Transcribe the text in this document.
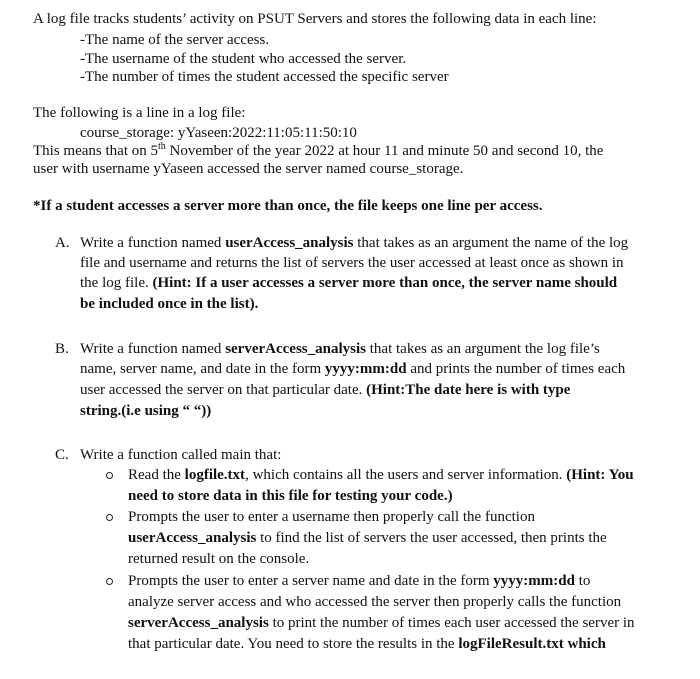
A log file tracks students’ activity on PSUT Servers and stores the following data in each line:

-The name of the server access.

-The username of the student who accessed the server.

-The number of times the student accessed the specific server

The following is a line in a log file:

course_storage: yYaseen:2022:11:05:11:50:10

This means that on 5th November of the year 2022 at hour 11 and minute 50 and second 10, the

user with username yYaseen accessed the server named course_storage.

*If a student accesses a server more than once, the file keeps one line per access.

A. Write a function named userAccess_analysis that takes as an argument the name of the log

file and username and returns the list of servers the user accessed at least once as shown in

the log file. (Hint: If a user accesses a server more than once, the server name should

be included once in the list).

B. Write a function named serverAccess_analysis that takes as an argument the log file’s

name, server name, and date in the form yyyy:mm:dd and prints the number of times each

user accessed the server on that particular date. (Hint:The date here is with type

string.(i.e using “ “))

C. Write a function called main that:

Read the logfile.txt, which contains all the users and server information. (Hint: You

need to store data in this file for testing your code.)

Prompts the user to enter a username then properly call the function

userAccess_analysis to find the list of servers the user accessed, then prints the

returned result on the console.

Prompts the user to enter a server name and date in the form yyyy:mm:dd to

analyze server access and who accessed the server then properly calls the function

serverAccess_analysis to print the number of times each user accessed the server in

that particular date. You need to store the results in the logFileResult.txt which
